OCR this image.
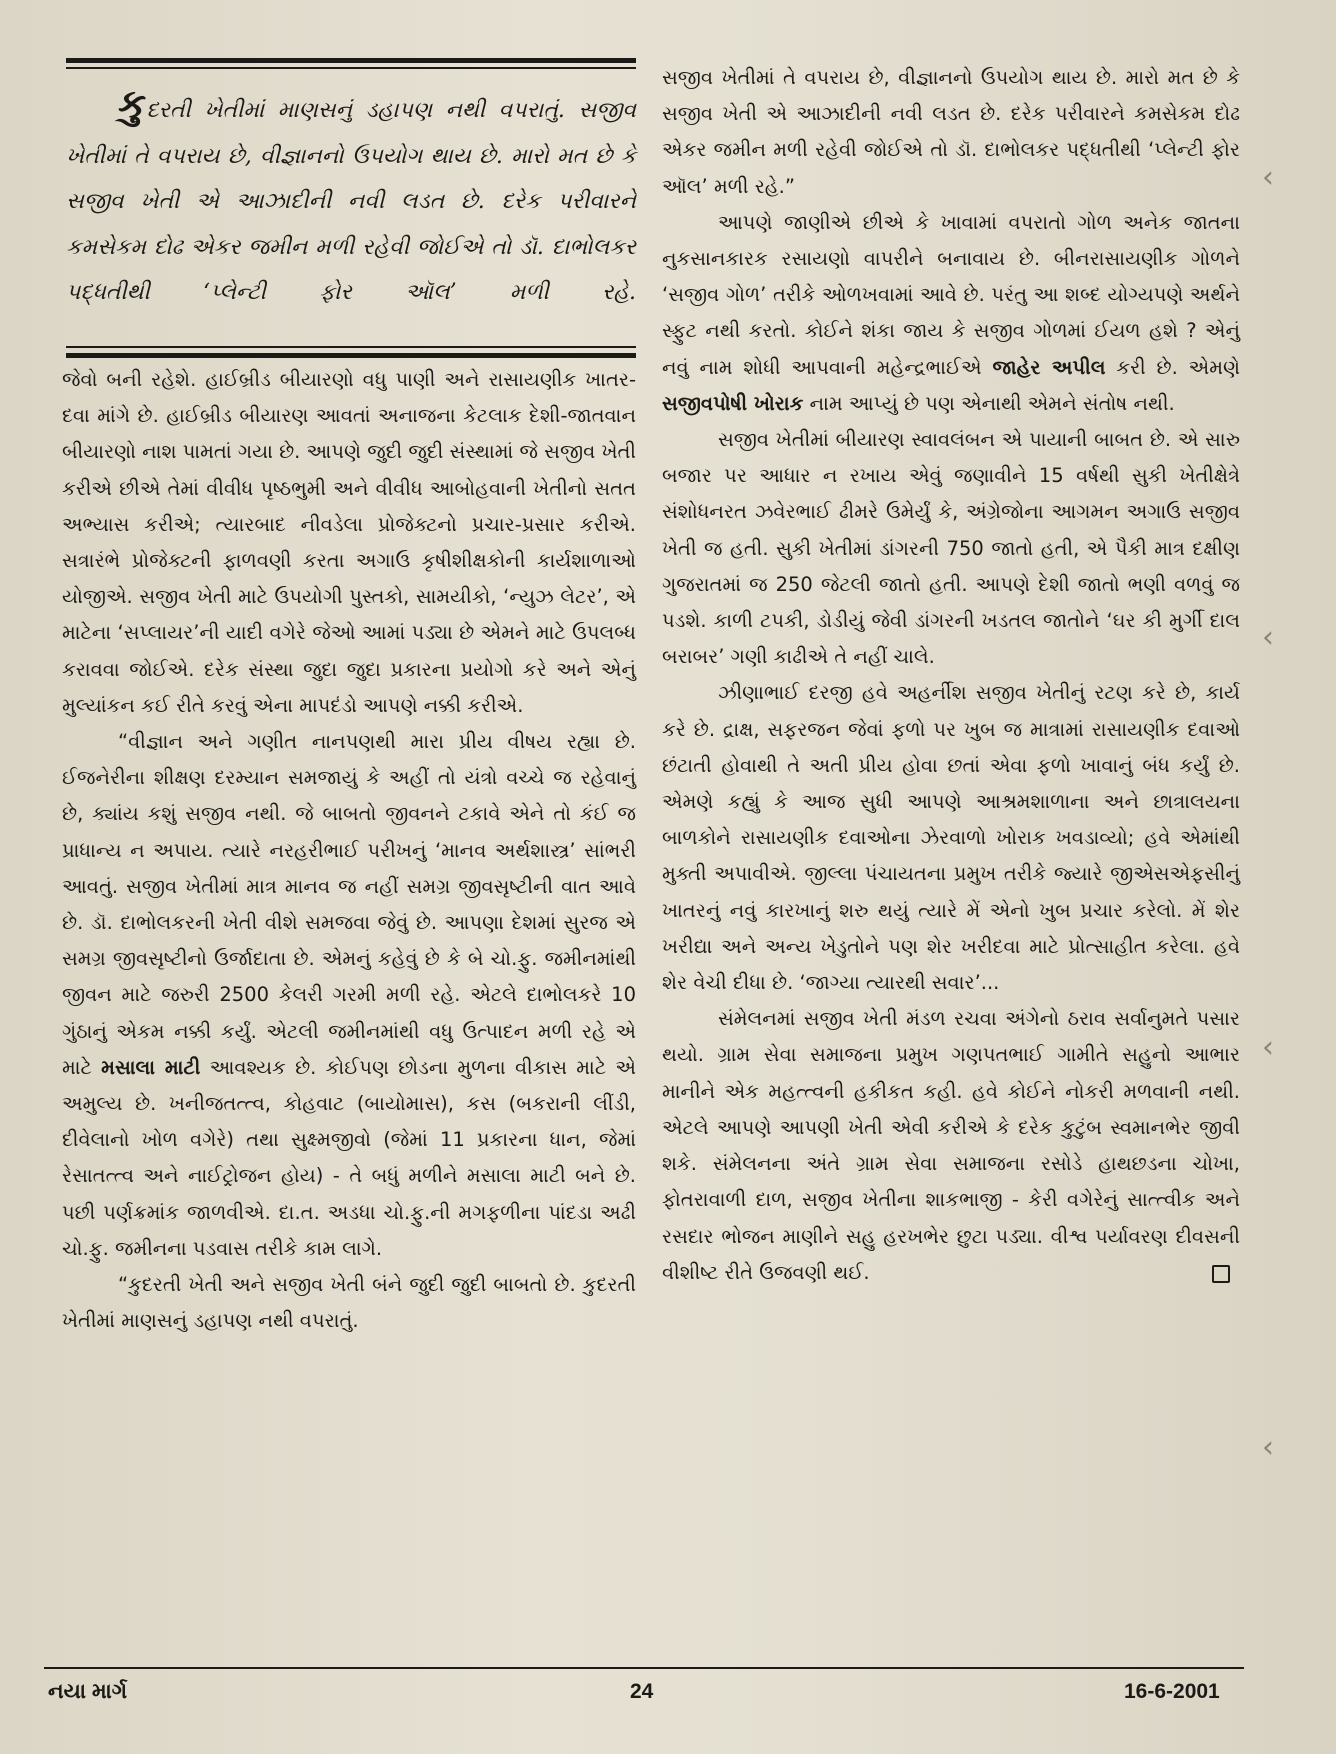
કુદરતી ખેતીમાં માણસનું ડહાપણ નથી વપરાતું. સજીવ ખેતીમાં તે વપરાય છે, વીજ્ઞાનનો ઉપયોગ થાય છે. મારો મત છે કે સજીવ ખેતી એ આઝાદીની નવી લડત છે. દરેક પરીવારને કમસેકમ દોઢ એકર જમીન મળી રહેવી જોઈએ તો ડૉ. દાભોલકર પદ્ધતીથી ‘પ્લેન્ટી ફોર ઑલ’ મળી રહે.

જેવો બની રહેશે. હાઈબ્રીડ બીયારણો વધુ પાણી અને રાસાયણીક ખાતર-દવા માંગે છે. હાઈબ્રીડ બીયારણ આવતાં અનાજના કેટલાક દેશી-જાતવાન બીયારણો નાશ પામતાં ગયા છે. આપણે જુદી જુદી સંસ્થામાં જે સજીવ ખેતી કરીએ છીએ તેમાં વીવીધ પૃષ્ઠભુમી અને વીવીધ આબોહવાની ખેતીનો સતત અભ્યાસ કરીએ; ત્યારબાદ નીવડેલા પ્રોજેક્ટનો પ્રચાર-પ્રસાર કરીએ. સત્રારંભે પ્રોજેક્ટની ફાળવણી કરતા અગાઉ કૃષીશીક્ષકોની કાર્યશાળાઓ યોજીએ. સજીવ ખેતી માટે ઉપયોગી પુસ્તકો, સામયીકો, ‘ન્યુઝ લેટર’, એ માટેના ‘સપ્લાયર’ની યાદી વગેરે જેઓ આમાં પડ્યા છે એમને માટે ઉપલબ્ધ કરાવવા જોઈએ. દરેક સંસ્થા જુદા જુદા પ્રકારના પ્રયોગો કરે અને એનું મુલ્યાંકન કઈ રીતે કરવું એના માપદંડો આપણે નક્કી કરીએ.

“વીજ્ઞાન અને ગણીત નાનપણથી મારા પ્રીય વીષય રહ્યા છે. ઈજનેરીના શીક્ષણ દરમ્યાન સમજાયું કે અહીં તો યંત્રો વચ્ચે જ રહેવાનું છે, ક્યાંય કશું સજીવ નથી. જે બાબતો જીવનને ટકાવે એને તો કંઈ જ પ્રાધાન્ય ન અપાય. ત્યારે નરહરીભાઈ પરીખનું ‘માનવ અર્થશાસ્ત્ર’ સાંભરી આવતું. સજીવ ખેતીમાં માત્ર માનવ જ નહીં સમગ્ર જીવસૃષ્ટીની વાત આવે છે. ડૉ. દાભોલકરની ખેતી વીશે સમજવા જેવું છે. આપણા દેશમાં સુરજ એ સમગ્ર જીવસૃષ્ટીનો ઉર્જાદાતા છે. એમનું કહેવું છે કે બે ચો.ફુ. જમીનમાંથી જીવન માટે જરુરી 2500 કેલરી ગરમી મળી રહે. એટલે દાભોલકરે 10 ગુંઠાનું એકમ નક્કી કર્યું. એટલી જમીનમાંથી વધુ ઉત્પાદન મળી રહે એ માટે મસાલા માટી આવશ્યક છે. કોઈપણ છોડના મુળના વીકાસ માટે એ અમુલ્ય છે. ખનીજતત્ત્વ, કોહવાટ (બાયોમાસ), કસ (બકરાની લીંડી, દીવેલાનો ખોળ વગેરે) તથા સુક્ષ્મજીવો (જેમાં 11 પ્રકારના ધાન, જેમાં રેસાતત્ત્વ અને નાઈટ્રોજન હોય) - તે બધું મળીને મસાલા માટી બને છે. પછી પર્ણક્રમાંક જાળવીએ. દા.ત. અડધા ચો.ફુ.ની મગફળીના પાંદડા અઢી ચો.ફુ. જમીનના પડવાસ તરીકે કામ લાગે.

“કુદરતી ખેતી અને સજીવ ખેતી બંને જુદી જુદી બાબતો છે. કુદરતી ખેતીમાં માણસનું ડહાપણ નથી વપરાતું.

સજીવ ખેતીમાં તે વપરાય છે, વીજ્ઞાનનો ઉપયોગ થાય છે. મારો મત છે કે સજીવ ખેતી એ આઝાદીની નવી લડત છે. દરેક પરીવારને કમસેકમ દોઢ એકર જમીન મળી રહેવી જોઈએ તો ડૉ. દાભોલકર પદ્ધતીથી ‘પ્લેન્ટી ફોર ઑલ’ મળી રહે.”

આપણે જાણીએ છીએ કે ખાવામાં વપરાતો ગોળ અનેક જાતના નુકસાનકારક રસાયણો વાપરીને બનાવાય છે. બીનરાસાયણીક ગોળને ‘સજીવ ગોળ’ તરીકે ઓળખવામાં આવે છે. પરંતુ આ શબ્દ યોગ્યપણે અર્થને સ્ફુટ નથી કરતો. કોઈને શંકા જાય કે સજીવ ગોળમાં ઈયળ હશે ? એનું નવું નામ શોધી આપવાની મહેન્દ્રભાઈએ જાહેર અપીલ કરી છે. એમણે સજીવપોષી ખોરાક નામ આપ્યું છે પણ એનાથી એમને સંતોષ નથી.

સજીવ ખેતીમાં બીયારણ સ્વાવલંબન એ પાયાની બાબત છે. એ સારુ બજાર પર આધાર ન રખાય એવું જણાવીને 15 વર્ષથી સુકી ખેતીક્ષેત્રે સંશોધનરત ઝવેરભાઈ ઢીમરે ઉમેર્યું કે, અંગ્રેજોના આગમન અગાઉ સજીવ ખેતી જ હતી. સુકી ખેતીમાં ડાંગરની 750 જાતો હતી, એ પૈકી માત્ર દક્ષીણ ગુજરાતમાં જ 250 જેટલી જાતો હતી. આપણે દેશી જાતો ભણી વળવું જ પડશે. કાળી ટપકી, ડોડીયું જેવી ડાંગરની ખડતલ જાતોને ‘ઘર કી મુર્ગી દાલ બરાબર’ ગણી કાઢીએ તે નહીં ચાલે.

ઝીણાભાઈ દરજી હવે અહર્નીશ સજીવ ખેતીનું રટણ કરે છે, કાર્ય કરે છે. દ્રાક્ષ, સફરજન જેવાં ફળો પર ખુબ જ માત્રામાં રાસાયણીક દવાઓ છંટાતી હોવાથી તે અતી પ્રીય હોવા છતાં એવા ફળો ખાવાનું બંધ કર્યું છે. એમણે કહ્યું કે આજ સુધી આપણે આશ્રમશાળાના અને છાત્રાલયના બાળકોને રાસાયણીક દવાઓના ઝેરવાળો ખોરાક ખવડાવ્યો; હવે એમાંથી મુક્તી અપાવીએ. જીલ્લા પંચાયતના પ્રમુખ તરીકે જ્યારે જીએસએફસીનું ખાતરનું નવું કારખાનું શરુ થયું ત્યારે મેં એનો ખુબ પ્રચાર કરેલો. મેં શેર ખરીદ્યા અને અન્ય ખેડુતોને પણ શેર ખરીદવા માટે પ્રોત્સાહીત કરેલા. હવે શેર વેચી દીધા છે. ‘જાગ્યા ત્યારથી સવાર’...

સંમેલનમાં સજીવ ખેતી મંડળ રચવા અંગેનો ઠરાવ સર્વાનુમતે પસાર થયો. ગ્રામ સેવા સમાજના પ્રમુખ ગણપતભાઈ ગામીતે સહુનો આભાર માનીને એક મહત્ત્વની હકીકત કહી. હવે કોઈને નોકરી મળવાની નથી. એટલે આપણે આપણી ખેતી એવી કરીએ કે દરેક કુટુંબ સ્વમાનભેર જીવી શકે. સંમેલનના અંતે ગ્રામ સેવા સમાજના રસોડે હાથછડના ચોખા, ફોતરાવાળી દાળ, સજીવ ખેતીના શાકભાજી - કેરી વગેરેનું સાત્ત્વીક અને રસદાર ભોજન માણીને સહુ હરખભેર છુટા પડ્યા. વીશ્વ પર્યાવરણ દીવસની વીશીષ્ટ રીતે ઉજવણી થઈ.

‹
‹
‹
‹
નયા માર્ગ	24	16-6-2001
